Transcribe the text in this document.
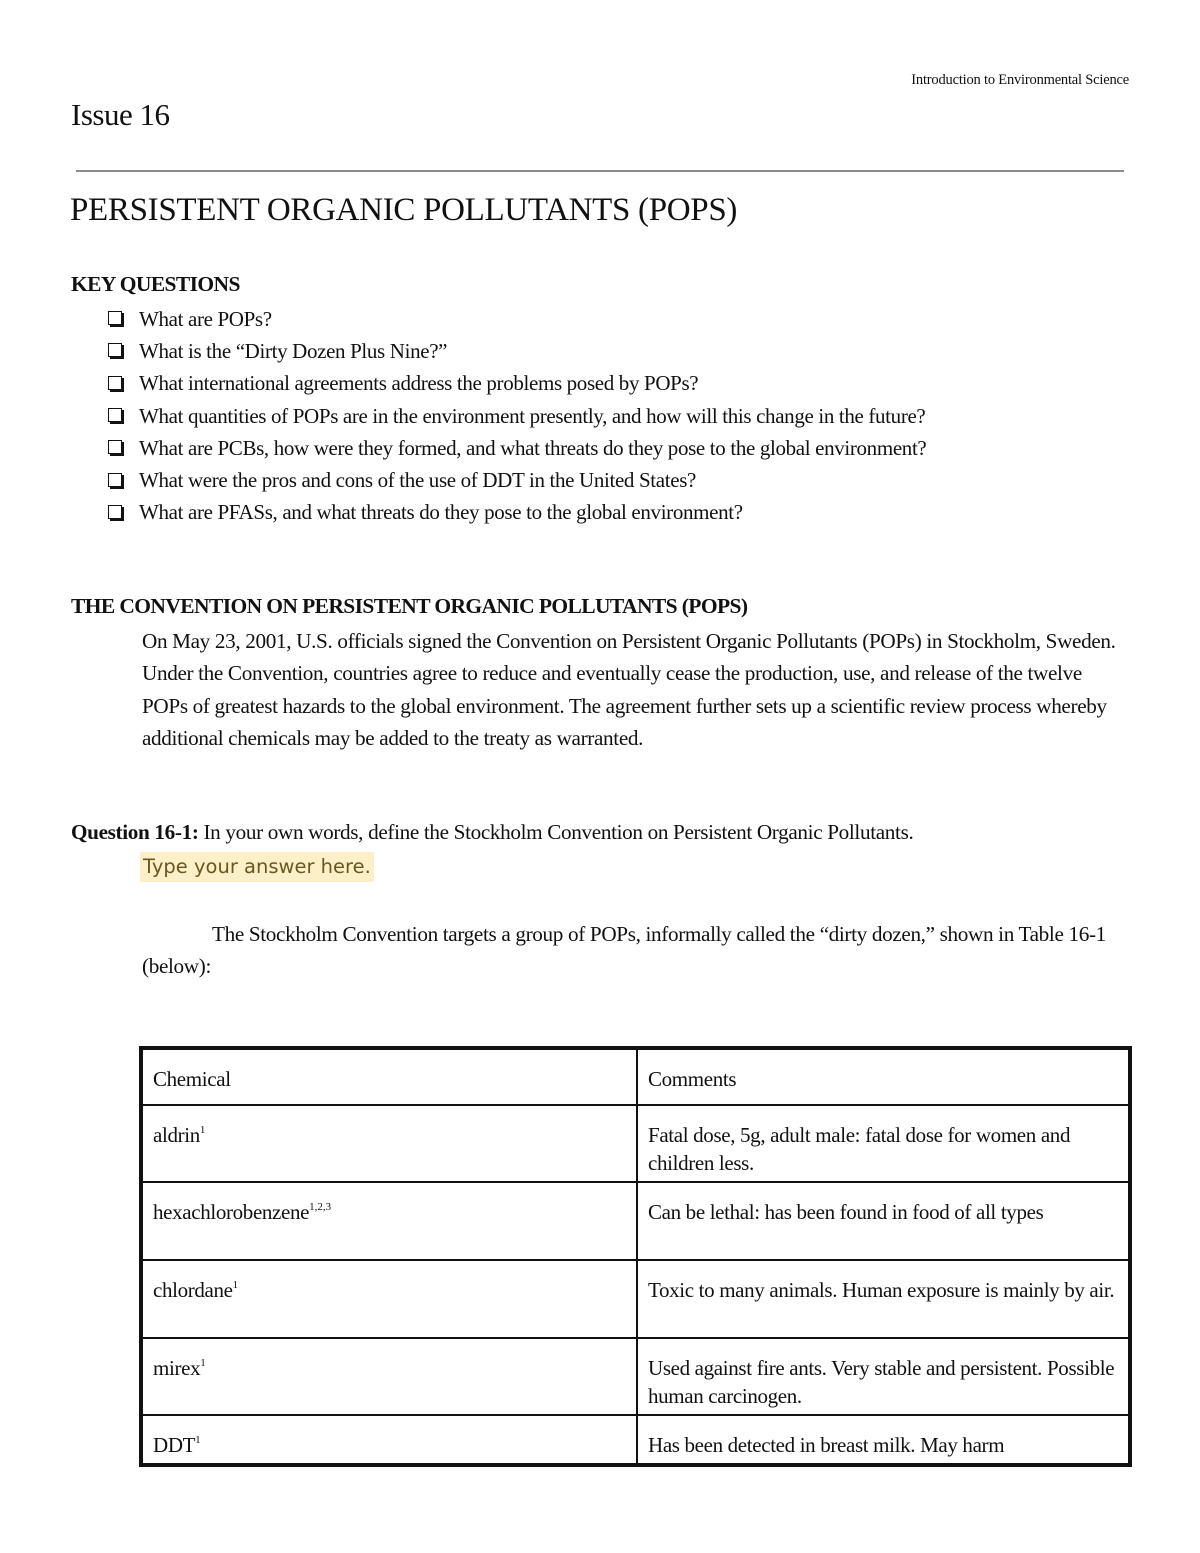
Introduction to Environmental Science
Issue 16
PERSISTENT ORGANIC POLLUTANTS (POPS)
KEY QUESTIONS
What are POPs?
What is the “Dirty Dozen Plus Nine?”
What international agreements address the problems posed by POPs?
What quantities of POPs are in the environment presently, and how will this change in the future?
What are PCBs, how were they formed, and what threats do they pose to the global environment?
What were the pros and cons of the use of DDT in the United States?
What are PFASs, and what threats do they pose to the global environment?
THE CONVENTION ON PERSISTENT ORGANIC POLLUTANTS (POPS)

On May 23, 2001, U.S. officials signed the Convention on Persistent Organic Pollutants (POPs) in Stockholm, Sweden. Under the Convention, countries agree to reduce and eventually cease the production, use, and release of the twelve POPs of greatest hazards to the global environment. The agreement further sets up a scientific review process whereby additional chemicals may be added to the treaty as warranted.

Question 16-1: In your own words, define the Stockholm Convention on Persistent Organic Pollutants.
Type your answer here.

The Stockholm Convention targets a group of POPs, informally called the “dirty dozen,” shown in Table 16-1 (below):

Chemical	Comments
aldrin$^1$	Fatal dose, 5g, adult male: fatal dose for women and children less.
hexachlorobenzene$^{1,2,3}$	Can be lethal: has been found in food of all types
chlordane$^1$	Toxic to many animals. Human exposure is mainly by air.
mirex$^1$	Used against fire ants. Very stable and persistent. Possible human carcinogen.
DDT$^1$	Has been detected in breast milk. May harm
